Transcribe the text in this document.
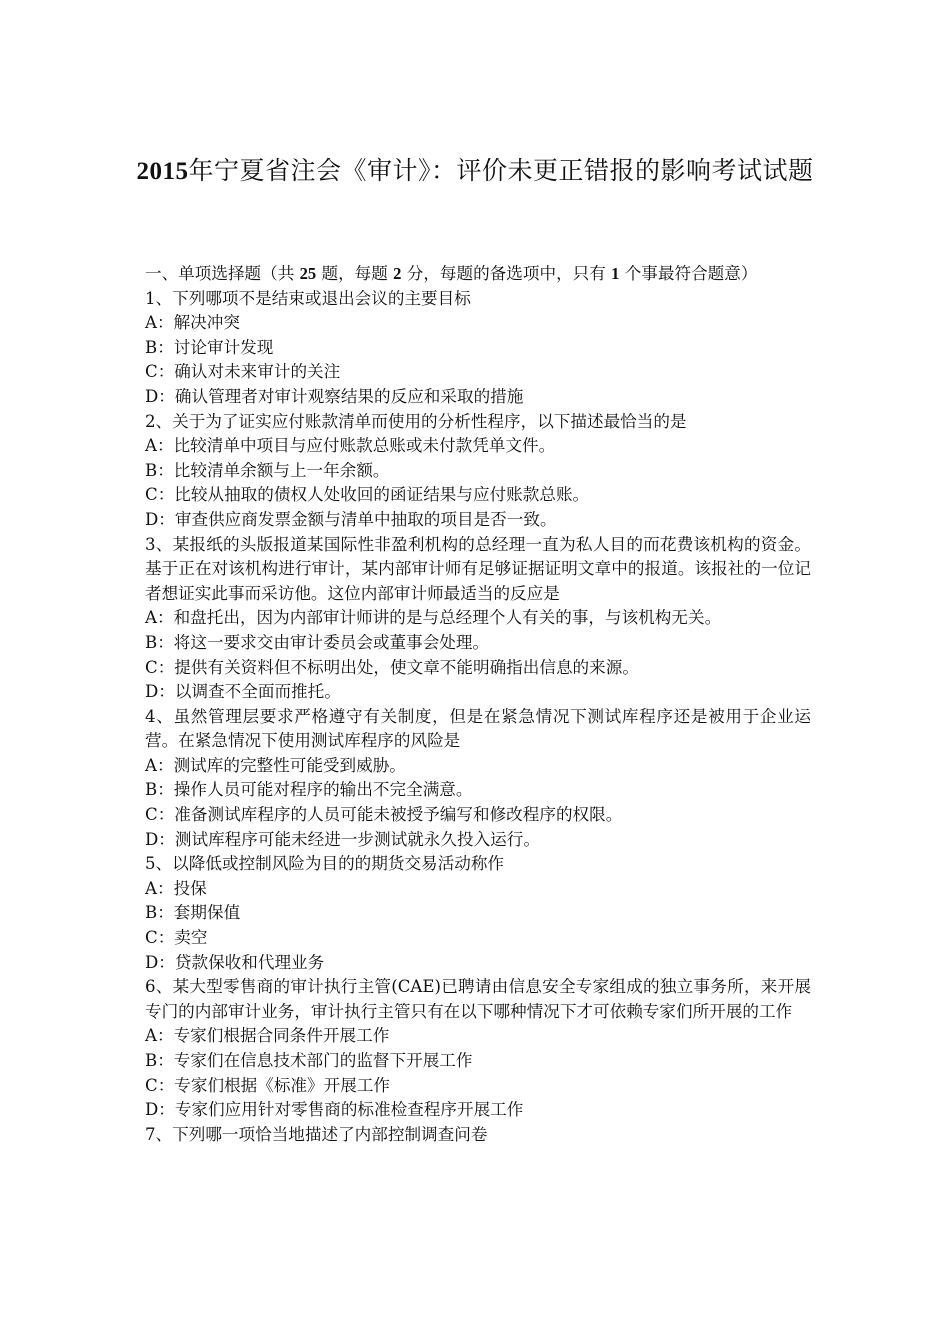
2015年宁夏省注会《审计》：评价未更正错报的影响考试试题

一、单项选择题（共 25 题，每题 2 分，每题的备选项中，只有 1 个事最符合题意）

1、下列哪项不是结束或退出会议的主要目标

A：解决冲突

B：讨论审计发现

C：确认对未来审计的关注

D：确认管理者对审计观察结果的反应和采取的措施

2、关于为了证实应付账款清单而使用的分析性程序，以下描述最恰当的是

A：比较清单中项目与应付账款总账或未付款凭单文件。

B：比较清单余额与上一年余额。

C：比较从抽取的债权人处收回的函证结果与应付账款总账。

D：审查供应商发票金额与清单中抽取的项目是否一致。

3、某报纸的头版报道某国际性非盈利机构的总经理一直为私人目的而花费该机构的资金。基于正在对该机构进行审计，某内部审计师有足够证据证明文章中的报道。该报社的一位记者想证实此事而采访他。这位内部审计师最适当的反应是

A：和盘托出，因为内部审计师讲的是与总经理个人有关的事，与该机构无关。

B：将这一要求交由审计委员会或董事会处理。

C：提供有关资料但不标明出处，使文章不能明确指出信息的来源。

D：以调查不全面而推托。

4、虽然管理层要求严格遵守有关制度，但是在紧急情况下测试库程序还是被用于企业运营。在紧急情况下使用测试库程序的风险是

A：测试库的完整性可能受到威胁。

B：操作人员可能对程序的输出不完全满意。

C：准备测试库程序的人员可能未被授予编写和修改程序的权限。

D：测试库程序可能未经进一步测试就永久投入运行。

5、以降低或控制风险为目的的期货交易活动称作

A：投保

B：套期保值

C：卖空

D：贷款保收和代理业务

6、某大型零售商的审计执行主管(CAE)已聘请由信息安全专家组成的独立事务所，来开展专门的内部审计业务，审计执行主管只有在以下哪种情况下才可依赖专家们所开展的工作

A：专家们根据合同条件开展工作

B：专家们在信息技术部门的监督下开展工作

C：专家们根据《标准》开展工作

D：专家们应用针对零售商的标准检查程序开展工作

7、下列哪一项恰当地描述了内部控制调查问卷
